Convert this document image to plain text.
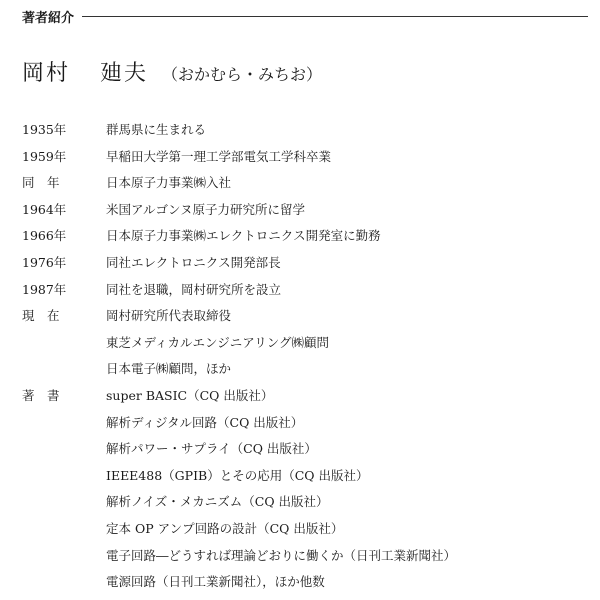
著者紹介
岡村 廸夫 （おかむら・みちお）
1935年	群馬県に生まれる
1959年	早稲田大学第一理工学部電気工学科卒業
同　年	日本原子力事業㈱入社
1964年	米国アルゴンヌ原子力研究所に留学
1966年	日本原子力事業㈱エレクトロニクス開発室に勤務
1976年	同社エレクトロニクス開発部長
1987年	同社を退職，岡村研究所を設立
現　在	岡村研究所代表取締役
東芝メディカルエンジニアリング㈱顧問
日本電子㈱顧問，ほか
著　書	super BASIC（CQ 出版社）
解析ディジタル回路（CQ 出版社）
解析パワー・サプライ（CQ 出版社）
IEEE488（GPIB）とその応用（CQ 出版社）
解析ノイズ・メカニズム（CQ 出版社）
定本 OP アンプ回路の設計（CQ 出版社）
電子回路―どうすれば理論どおりに働くか（日刊工業新聞社）
電源回路（日刊工業新聞社），ほか他数
